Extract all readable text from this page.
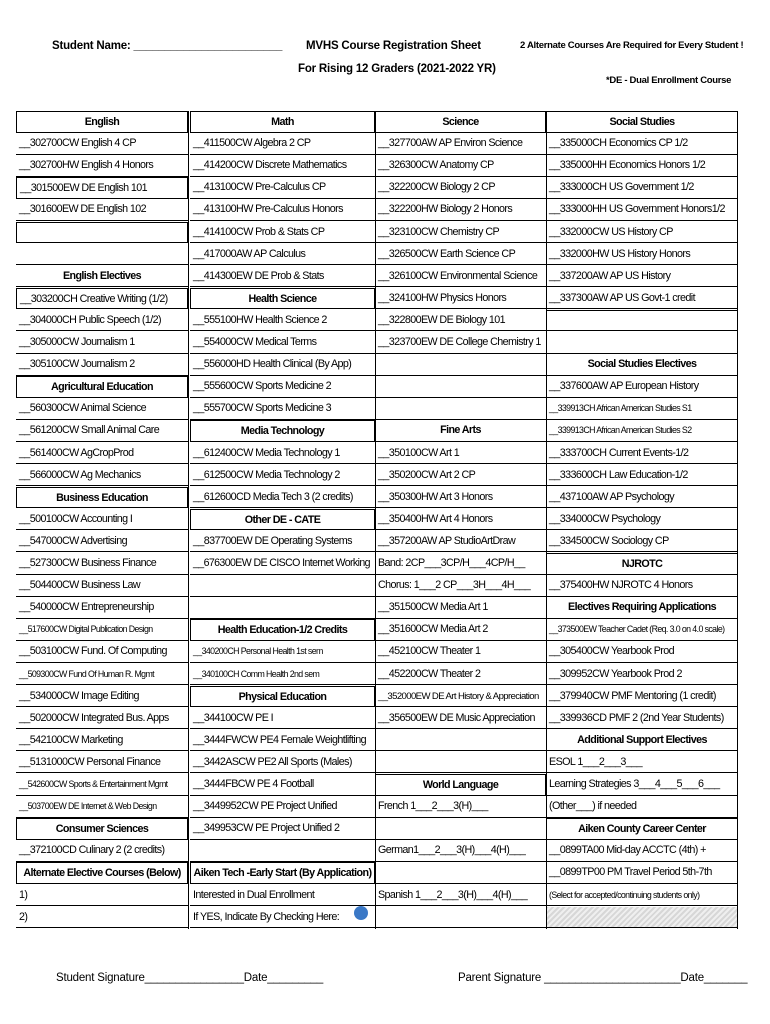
Student Name: ________________________ MVHS Course Registration Sheet
For Rising 12 Graders (2021-2022 YR)
2 Alternate Courses Are Required for Every Student !
*DE - Dual Enrollment Course
English
__302700CW English 4 CP
__302700HW English 4 Honors
__301500EW DE English 101
__301600EW DE English 102
English Electives
__303200CH Creative Writing (1/2)
__304000CH Public Speech (1/2)
__305000CW Journalism 1
__305100CW Journalism 2
Agricultural Education
__560300CW Animal Science
__561200CW Small Animal Care
__561400CW AgCropProd
__566000CW Ag Mechanics
Business Education
__500100CW Accounting I
__547000CW Advertising
__527300CW Business Finance
__504400CW Business Law
__540000CW Entrepreneurship
__517600CW Digital Publication Design
__503100CW Fund. Of Computing
__509300CW Fund Of Human R. Mgmt
__534000CW Image Editing
__502000CW Integrated Bus. Apps
__542100CW Marketing
__5131000CW Personal Finance
__542600CW Sports & Entertainment Mgmt
__503700EW DE Internet & Web Design
Consumer Sciences
__372100CD Culinary 2 (2 credits)
Alternate Elective Courses (Below)
1)
2)
Math
__411500CW Algebra 2 CP
__414200CW Discrete Mathematics
__413100CW Pre-Calculus CP
__413100HW Pre-Calculus Honors
__414100CW Prob & Stats CP
__417000AW AP Calculus
__414300EW DE Prob & Stats
Health Science
__555100HW Health Science 2
__554000CW Medical Terms
__556000HD Health Clinical (By App)
__555600CW Sports Medicine 2
__555700CW Sports Medicine 3
Media Technology
__612400CW Media Technology 1
__612500CW Media Technology 2
__612600CD Media Tech 3 (2 credits)
Other DE - CATE
__837700EW DE Operating Systems
__676300EW DE CISCO Internet Working
Health Education-1/2 Credits
__340200CH Personal Health 1st sem
__340100CH Comm Health 2nd sem
Physical Education
__344100CW PE I
__3444FWCW PE4 Female Weightlifting
__3442ASCW PE2 All Sports (Males)
__3444FBCW PE 4 Football
__3449952CW PE Project Unified
__349953CW PE Project Unified 2
Aiken Tech -Early Start (By Application)
Interested in Dual Enrollment
If YES, Indicate By Checking Here:
Science
__327700AW AP Environ Science
__326300CW Anatomy CP
__322200CW Biology 2 CP
__322200HW Biology 2 Honors
__323100CW Chemistry CP
__326500CW Earth Science CP
__326100CW Environmental Science
__324100HW Physics Honors
__322800EW DE Biology 101
__323700EW DE College Chemistry 1
Fine Arts
__350100CW Art 1
__350200CW Art 2 CP
__350300HW Art 3 Honors
__350400HW Art 4 Honors
__357200AW AP StudioArtDraw
Band: 2CP___3CP/H___4CP/H__
Chorus: 1___2 CP___3H___4H___
__351500CW Media Art 1
__351600CW Media Art 2
__452100CW Theater 1
__452200CW Theater 2
__352000EW DE Art History & Appreciation
__356500EW DE Music Appreciation
World Language
French 1___2___3(H)___
German1___2___3(H)___4(H)___
Spanish 1___2___3(H)___4(H)___
Social Studies
__335000CH Economics CP 1/2
__335000HH Economics Honors 1/2
__333000CH US Government 1/2
__333000HH US Government Honors1/2
__332000CW US History CP
__332000HW US History Honors
__337200AW AP US History
__337300AW AP US Govt-1 credit
Social Studies Electives
__337600AW AP European History
__339913CH African American Studies S1
__339913CH African American Studies S2
__333700CH Current Events-1/2
__333600CH Law Education-1/2
__437100AW AP Psychology
__334000CW Psychology
__334500CW Sociology CP
NJROTC
__375400HW NJROTC 4 Honors
Electives Requiring Applications
__373500EW Teacher Cadet (Req. 3.0 on 4.0 scale)
__305400CW Yearbook Prod
__309952CW Yearbook Prod 2
__379940CW PMF Mentoring (1 credit)
__339936CD PMF 2 (2nd Year Students)
Additional Support Electives
ESOL 1___2___3___
Learning Strategies 3___4___5___6___
(Other___) if needed
Aiken County Career Center
__0899TA00 Mid-day ACCTC (4th) +
__0899TP00 PM Travel Period 5th-7th
(Select for accepted/continuing students only)
Student Signature________________Date_________	Parent Signature ______________________Date_______
